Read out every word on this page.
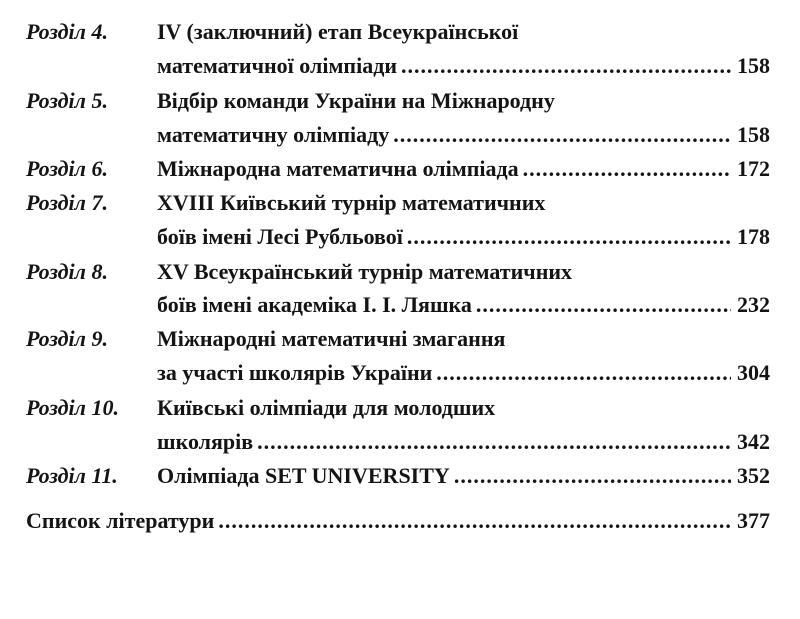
Розділ 4. IV (заключний) етап Всеукраїнської
математичної олімпіади .....	158
Розділ 5. Відбір команди України на Міжнародну
математичну олімпіаду .....	158
Розділ 6. Міжнародна математична олімпіада .....	172
Розділ 7. XVIII Київський турнір математичних
боїв імені Лесі Рубльової .....	178
Розділ 8. XV Всеукраїнський турнір математичних
боїв імені академіка І. І. Ляшка .....	232
Розділ 9. Міжнародні математичні змагання
за участі школярів України .....	304
Розділ 10. Київські олімпіади для молодших
школярів .....	342
Розділ 11. Олімпіада SET UNIVERSITY .....	352
Список літератури .....	377
